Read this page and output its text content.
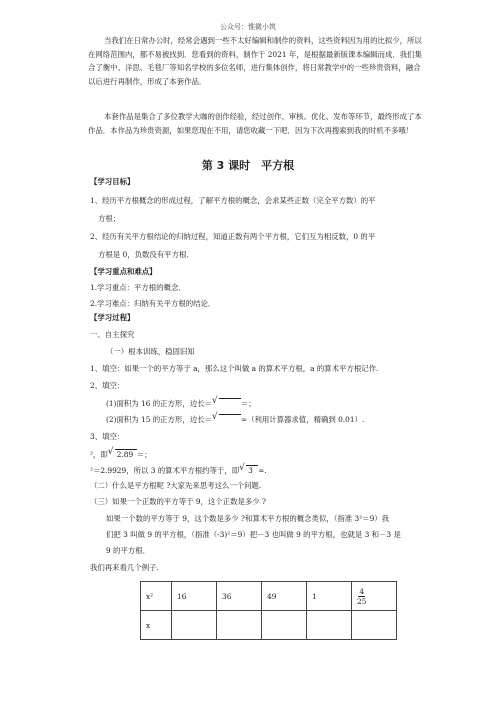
公众号：惟微小筑
当我们在日常办公时，经常会遇到一些不太好编辑和制作的资料，这些资料因为用的比拟少，所以在网络范围内，都不易被找到．您看到的资料，制作于 2021 年，是根据最新版课本编辑而成．我们集合了衡中、洋思、毛毯厂等知名学校的多位名师，进行集体创作，将日常教学中的一些珍贵资料，融合以后进行再制作，形成了本套作品．
本套作品是集合了多位教学大咖的创作经验，经过创作、审核、优化、发布等环节，最终形成了本作品．本作品为珍贵资源，如果您现在不用，请您收藏一下吧．因为下次再搜索到我的时机不多哦！
第 3 课时　平方根
【学习目标】
1、经历平方根概念的形成过程，了解平方根的概念，会求某些正数（完全平方数）的平
方根；
2、经历有关平方根结论的归纳过程，知道正数有两个平方根，它们互为相反数，0 的平
方根是 0，负数没有平方根．
【学习重点和难点】
1.学习重点：平方根的概念．
2.学习难点：归纳有关平方根的结论．
【学习过程】
一、自主探究
（一）根本训练，稳固旧知
1、填空：如果一个的平方等于 a，那么这个叫做 a 的算术平方根，a 的算术平方根记作.
2、填空：
(1)面积为 16 的正方形，边长＝ √	＝；
(2)面积为 15 的正方形，边长＝ √	≈（利用计算器求值，精确到 0.01）.
3、填空：
²，即 √ 2.89 ＝；
²＝2.9929，所以 3 的算术平方根约等于，即 √ 3 ≈.
（二）什么是平方根呢 ?大家先来思考这么一个问题.
（三）如果一个正数的平方等于 9，这个正数是多少 ?
如果一个数的平方等于 9，这个数是多少 ?和算术平方根的概念类似，（指准 3²＝9）我
们把 3 叫做 9 的平方根，（指准（-3)²＝9）把－3 也叫做 9 的平方根，也就是 3 和－3 是
9 的平方根．
我们再来看几个例子.
x²	16	36	49	1	$\frac{4}{25}$

x					
